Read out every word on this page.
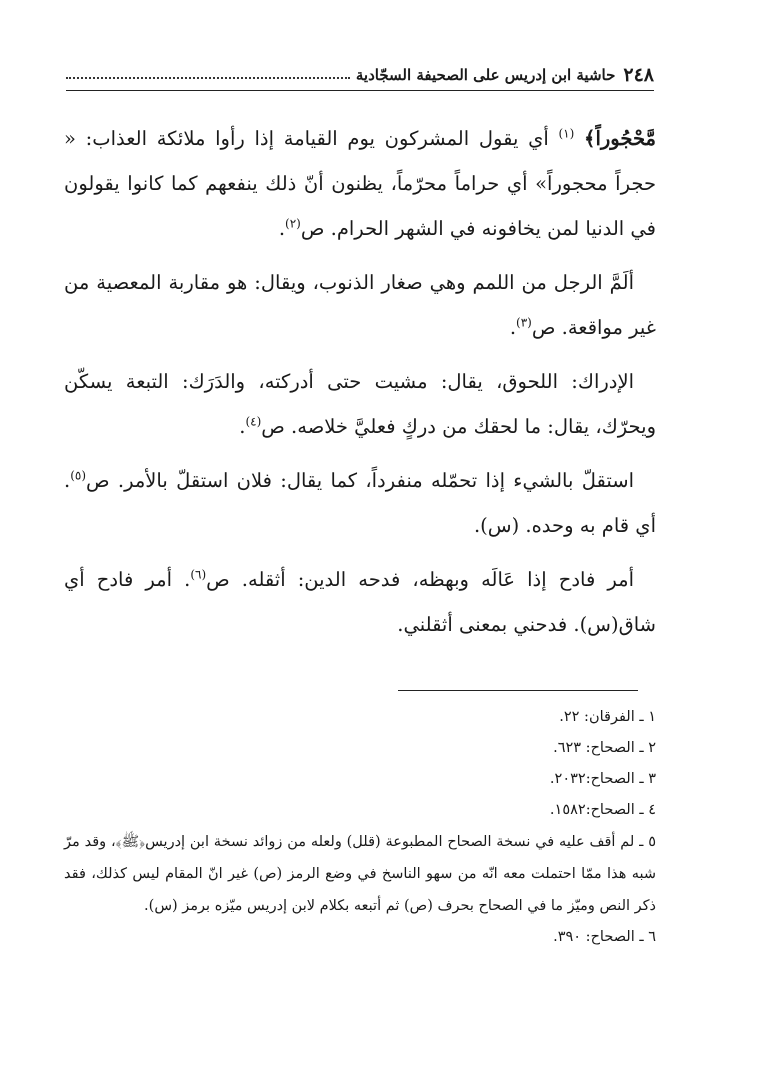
٢٤٨
حاشية ابن إدريس على الصحيفة السجّادية

مَّحْجُوراً﴾ $^{(١)}$ أي يقول المشركون يوم القيامة إذا رأوا ملائكة العذاب: « حجراً محجوراً» أي حراماً محرّماً، يظنون أنّ ذلك ينفعهم كما كانوا يقولون في الدنيا لمن يخافونه في الشهر الحرام. ص$^{(٢)}$.

ألَمَّ الرجل من اللمم وهي صغار الذنوب، ويقال: هو مقاربة المعصية من غير مواقعة. ص$^{(٣)}$.

الإدراك: اللحوق، يقال: مشيت حتى أدركته، والدَرَك: التبعة يسكّن ويحرّك، يقال: ما لحقك من دركٍ فعليَّ خلاصه. ص$^{(٤)}$.

استقلّ بالشيء إذا تحمّله منفرداً، كما يقال: فلان استقلّ بالأمر. ص$^{(٥)}$. أي قام به وحده. (س).

أمر فادح إذا عَالَه وبهظه، فدحه الدين: أثقله. ص$^{(٦)}$. أمر فادح أي شاق(س). فدحني بمعنى أثقلني.

١ ـ الفرقان: ٢٢.

٢ ـ الصحاح: ٦٢٣.

٣ ـ الصحاح:٢٠٣٢.

٤ ـ الصحاح:١٥٨٢.

٥ ـ لم أقف عليه في نسخة الصحاح المطبوعة (قلل) ولعله من زوائد نسخة ابن إدريس﴿ﷺ﴾، وقد مرّ شبه هذا ممّا احتملت معه انّه من سهو الناسخ في وضع الرمز (ص) غير انّ المقام ليس كذلك، فقد ذكر النص وميّز ما في الصحاح بحرف (ص) ثم أتبعه بكلام لابن إدريس ميّزه برمز (س).

٦ ـ الصحاح: ٣٩٠.
